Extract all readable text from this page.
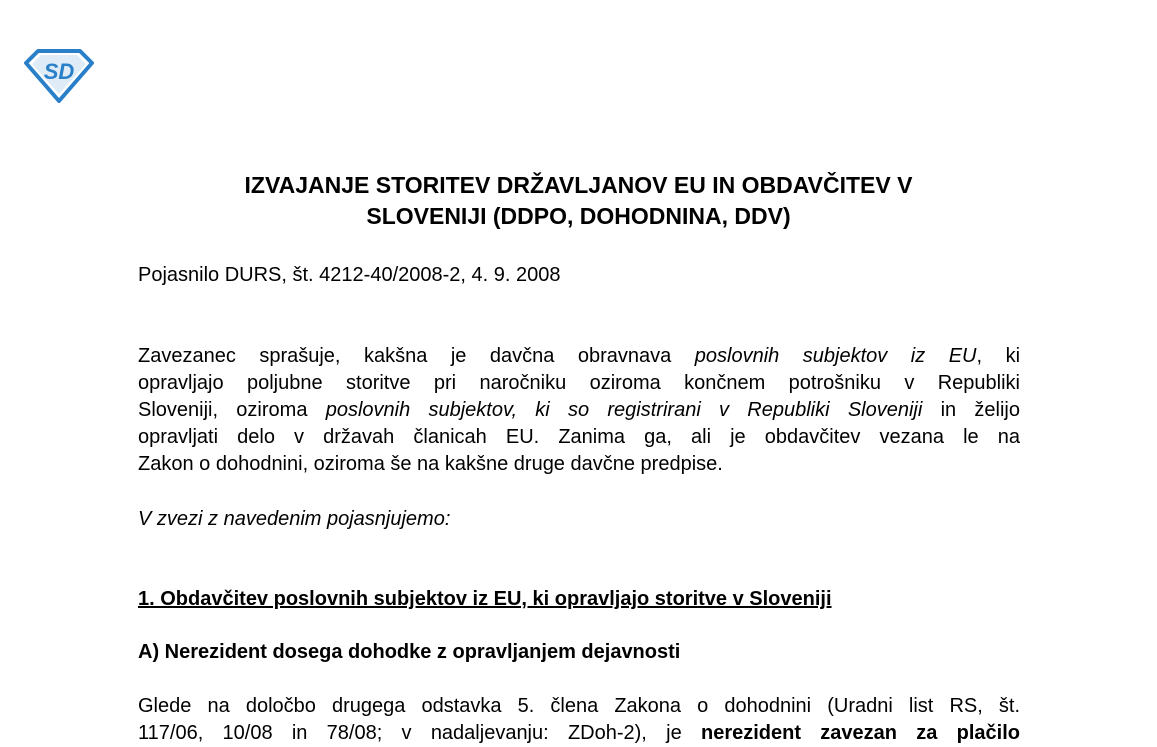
SD
IZVAJANJE STORITEV DRŽAVLJANOV EU IN OBDAVČITEV V
SLOVENIJI (DDPO, DOHODNINA, DDV)
Pojasnilo DURS, št. 4212-40/2008-2, 4. 9. 2008
Zavezanec sprašuje, kakšna je davčna obravnava poslovnih subjektov iz EU, ki
opravljajo poljubne storitve pri naročniku oziroma končnem potrošniku v Republiki
Sloveniji, oziroma poslovnih subjektov, ki so registrirani v Republiki Sloveniji in želijo
opravljati delo v državah članicah EU. Zanima ga, ali je obdavčitev vezana le na
Zakon o dohodnini, oziroma še na kakšne druge davčne predpise.
V zvezi z navedenim pojasnjujemo:
1. Obdavčitev poslovnih subjektov iz EU, ki opravljajo storitve v Sloveniji
A) Nerezident dosega dohodke z opravljanjem dejavnosti
Glede na določbo drugega odstavka 5. člena Zakona o dohodnini (Uradni list RS, št.
117/06, 10/08 in 78/08; v nadaljevanju: ZDoh-2), je nerezident zavezan za plačilo
